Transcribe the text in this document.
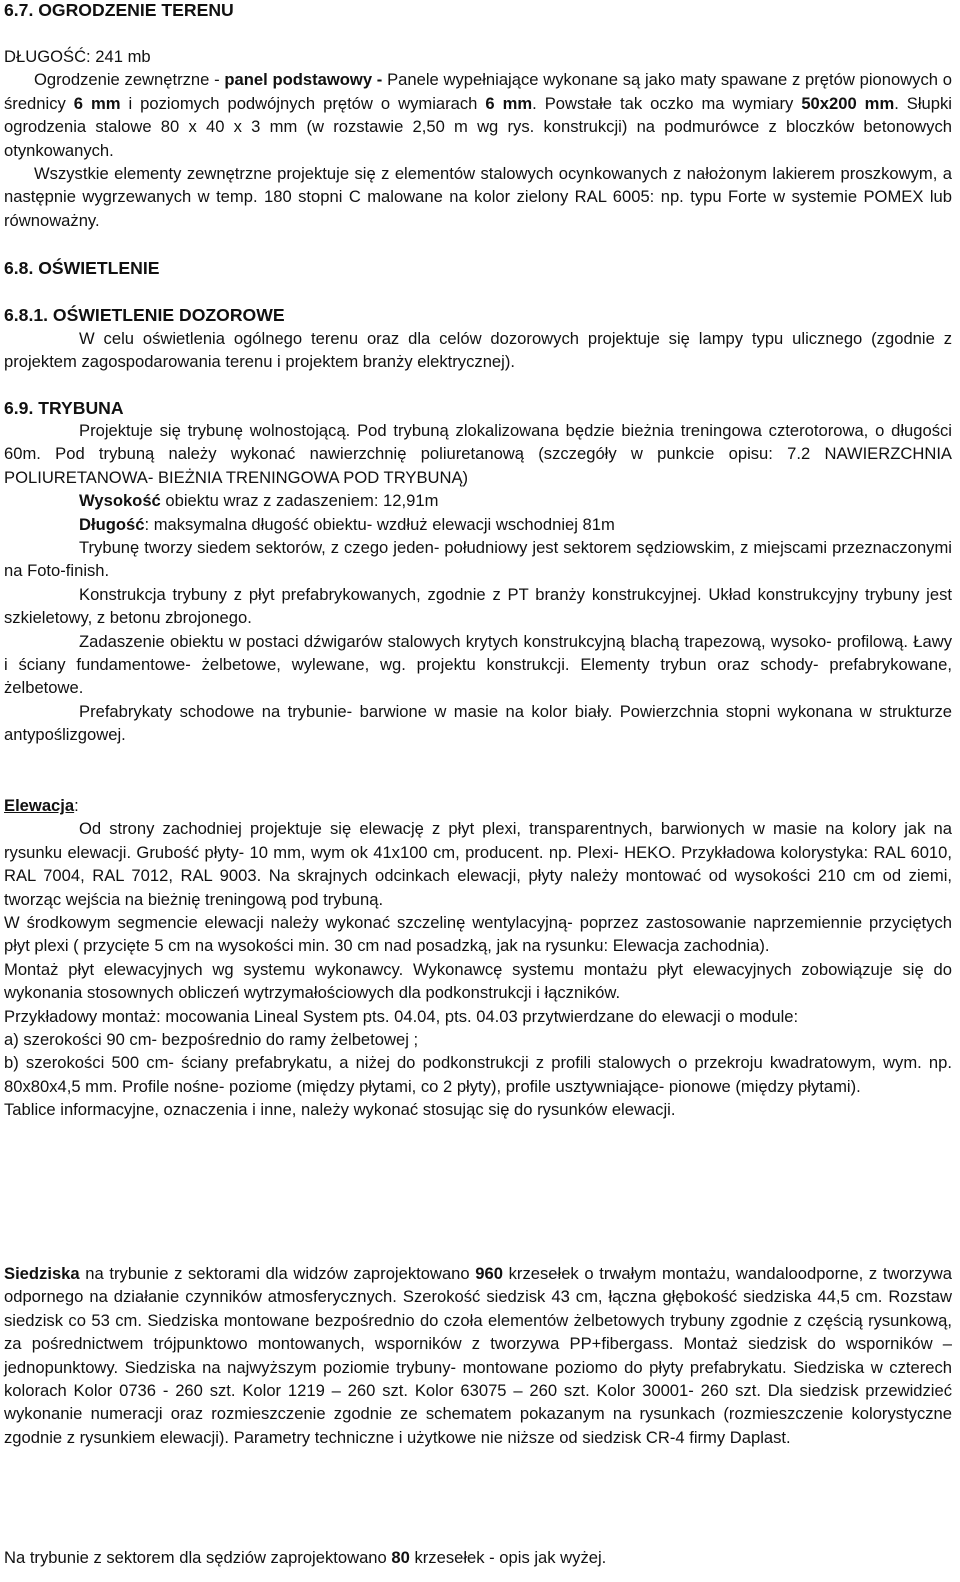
6.7. OGRODZENIE TERENU

DŁUGOŚĆ: 241 mb

Ogrodzenie zewnętrzne - panel podstawowy - Panele wypełniające wykonane są jako maty spawane z prętów pionowych o średnicy 6 mm i poziomych podwójnych prętów o wymiarach 6 mm. Powstałe tak oczko ma wymiary 50x200 mm. Słupki ogrodzenia stalowe 80 x 40 x 3 mm (w rozstawie 2,50 m wg rys. konstrukcji) na podmurówce z bloczków betonowych otynkowanych.

Wszystkie elementy zewnętrzne projektuje się z elementów stalowych ocynkowanych z nałożonym lakierem proszkowym, a następnie wygrzewanych w temp. 180 stopni C malowane na kolor zielony RAL 6005: np. typu Forte w systemie POMEX lub równoważny.

6.8. OŚWIETLENIE
6.8.1. OŚWIETLENIE DOZOROWE

W celu oświetlenia ogólnego terenu oraz dla celów dozorowych projektuje się lampy typu ulicznego (zgodnie z projektem zagospodarowania terenu i projektem branży elektrycznej).

6.9. TRYBUNA

Projektuje się trybunę wolnostojącą. Pod trybuną zlokalizowana będzie bieżnia treningowa czterotorowa, o długości 60m. Pod trybuną należy wykonać nawierzchnię poliuretanową (szczegóły w punkcie opisu: 7.2 NAWIERZCHNIA POLIURETANOWA- BIEŻNIA TRENINGOWA POD TRYBUNĄ)

Wysokość obiektu wraz z zadaszeniem: 12,91m

Długość: maksymalna długość obiektu- wzdłuż elewacji wschodniej 81m

Trybunę tworzy siedem sektorów, z czego jeden- południowy jest sektorem sędziowskim, z miejscami przeznaczonymi na Foto-finish.

Konstrukcja trybuny z płyt prefabrykowanych, zgodnie z PT branży konstrukcyjnej. Układ konstrukcyjny trybuny jest szkieletowy, z betonu zbrojonego.

Zadaszenie obiektu w postaci dźwigarów stalowych krytych konstrukcyjną blachą trapezową, wysoko- profilową. Ławy i ściany fundamentowe- żelbetowe, wylewane, wg. projektu konstrukcji. Elementy trybun oraz schody- prefabrykowane, żelbetowe.

Prefabrykaty schodowe na trybunie- barwione w masie na kolor biały. Powierzchnia stopni wykonana w strukturze antypoślizgowej.

Elewacja:

Od strony zachodniej projektuje się elewację z płyt plexi, transparentnych, barwionych w masie na kolory jak na rysunku elewacji. Grubość płyty- 10 mm, wym ok 41x100 cm, producent. np. Plexi- HEKO. Przykładowa kolorystyka: RAL 6010, RAL 7004, RAL 7012, RAL 9003. Na skrajnych odcinkach elewacji, płyty należy montować od wysokości 210 cm od ziemi, tworząc wejścia na bieżnię treningową pod trybuną.

W środkowym segmencie elewacji należy wykonać szczelinę wentylacyjną- poprzez zastosowanie naprzemiennie przyciętych płyt plexi ( przycięte 5 cm na wysokości min. 30 cm nad posadzką, jak na rysunku: Elewacja zachodnia).

Montaż płyt elewacyjnych wg systemu wykonawcy. Wykonawcę systemu montażu płyt elewacyjnych zobowiązuje się do wykonania stosownych obliczeń wytrzymałościowych dla podkonstrukcji i łączników.

Przykładowy montaż: mocowania Lineal System pts. 04.04, pts. 04.03 przytwierdzane do elewacji o module:

a) szerokości 90 cm- bezpośrednio do ramy żelbetowej ;

b) szerokości 500 cm- ściany prefabrykatu, a niżej do podkonstrukcji z profili stalowych o przekroju kwadratowym, wym. np. 80x80x4,5 mm. Profile nośne- poziome (między płytami, co 2 płyty), profile usztywniające- pionowe (między płytami).

Tablice informacyjne, oznaczenia i inne, należy wykonać stosując się do rysunków elewacji.

Siedziska na trybunie z sektorami dla widzów zaprojektowano 960 krzesełek o trwałym montażu, wandaloodporne, z tworzywa odpornego na działanie czynników atmosferycznych. Szerokość siedzisk 43 cm, łączna głębokość siedziska 44,5 cm. Rozstaw siedzisk co 53 cm. Siedziska montowane bezpośrednio do czoła elementów żelbetowych trybuny zgodnie z częścią rysunkową, za pośrednictwem trójpunktowo montowanych, wsporników z tworzywa PP+fibergass. Montaż siedzisk do wsporników – jednopunktowy. Siedziska na najwyższym poziomie trybuny- montowane poziomo do płyty prefabrykatu. Siedziska w czterech kolorach Kolor 0736 - 260 szt. Kolor 1219 – 260 szt. Kolor 63075 – 260 szt. Kolor 30001- 260 szt. Dla siedzisk przewidzieć wykonanie numeracji oraz rozmieszczenie zgodnie ze schematem pokazanym na rysunkach (rozmieszczenie kolorystyczne zgodnie z rysunkiem elewacji). Parametry techniczne i użytkowe nie niższe od siedzisk CR-4 firmy Daplast.

Na trybunie z sektorem dla sędziów zaprojektowano 80 krzesełek - opis jak wyżej.
